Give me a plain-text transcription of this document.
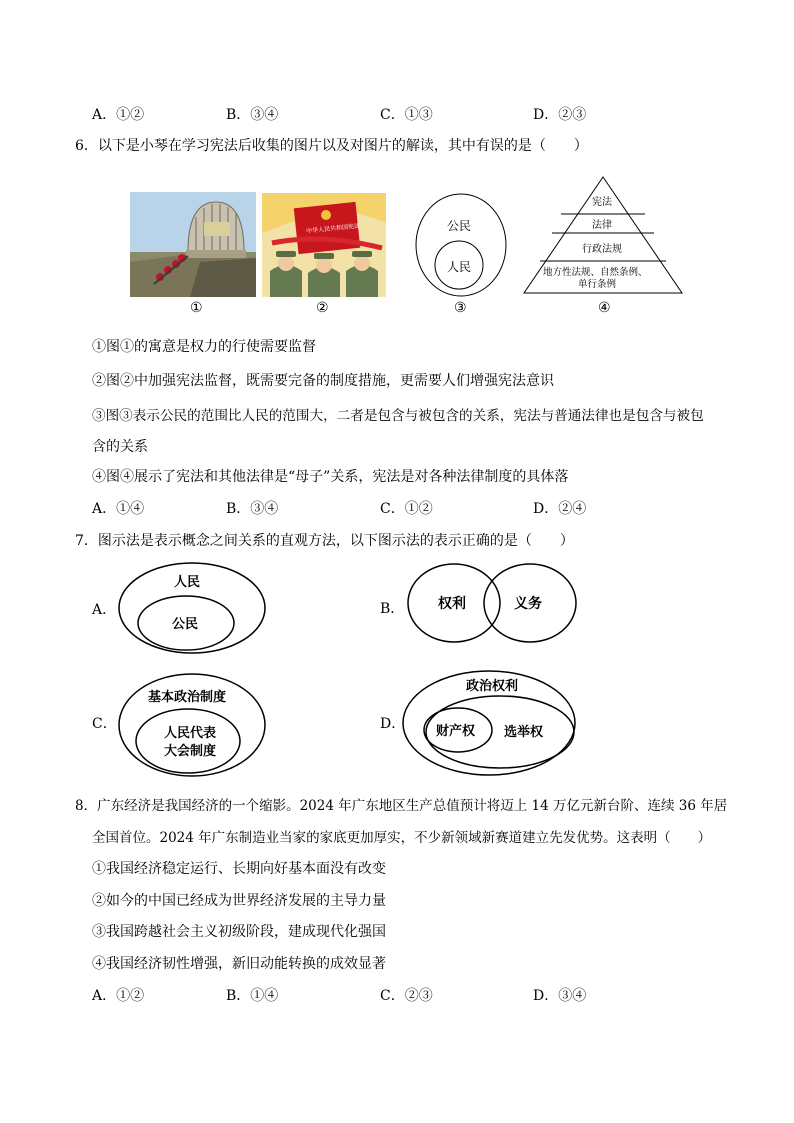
A．①②	B．③④	C．①③	D．②③
6．以下是小琴在学习宪法后收集的图片以及对图片的解读，其中有误的是（　　）
中华人民共和国宪法	公民
人民
宪法
法律
行政法规
地方性法规、自然条例、
单行条例
①	②	③	④
①图①的寓意是权力的行使需要监督
②图②中加强宪法监督，既需要完备的制度措施，更需要人们增强宪法意识
③图③表示公民的范围比人民的范围大，二者是包含与被包含的关系，宪法与普通法律也是包含与被包
含的关系
④图④展示了宪法和其他法律是“母子”关系，宪法是对各种法律制度的具体落
A．①④	B．③④	C．①②	D．②④
7．图示法是表示概念之间关系的直观方法，以下图示法的表示正确的是（　　）
A．
人民
公民
B． 权利	义务
C．
基本政治制度
人民代表
大会制度
D．
政治权利
财产权 选举权
8．广东经济是我国经济的一个缩影。2024 年广东地区生产总值预计将迈上 14 万亿元新台阶、连续 36 年居
全国首位。2024 年广东制造业当家的家底更加厚实，不少新领域新赛道建立先发优势。这表明（　　）
①我国经济稳定运行、长期向好基本面没有改变
②如今的中国已经成为世界经济发展的主导力量
③我国跨越社会主义初级阶段，建成现代化强国
④我国经济韧性增强，新旧动能转换的成效显著
A．①②	B．①④	C．②③	D．③④
